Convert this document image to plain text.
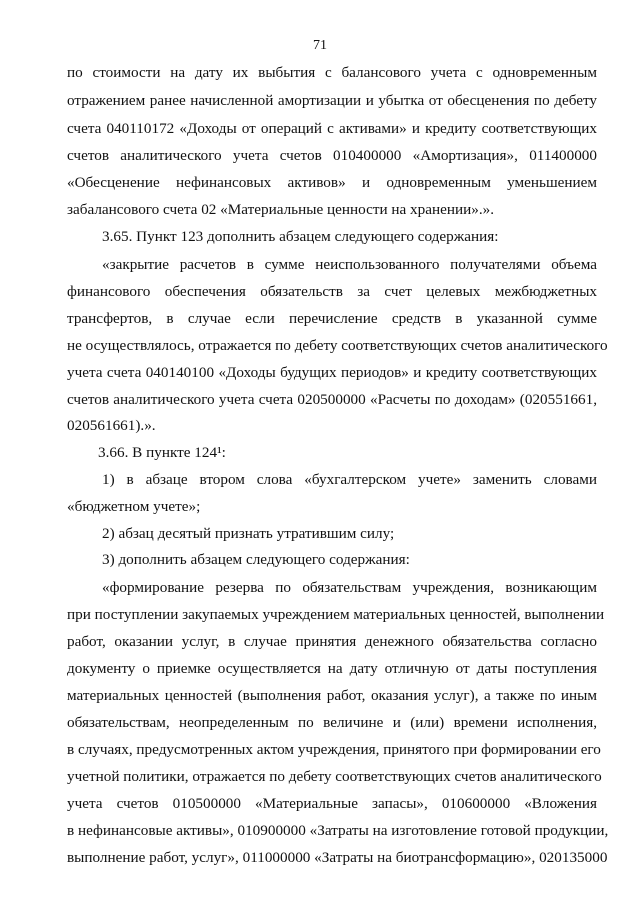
71
по стоимости на дату их выбытия с балансового учета с одновременным
отражением ранее начисленной амортизации и убытка от обесценения по дебету
счета 040110172 «Доходы от операций с активами» и кредиту соответствующих
счетов аналитического учета счетов 010400000 «Амортизация», 011400000
«Обесценение нефинансовых активов» и одновременным уменьшением
забалансового счета 02 «Материальные ценности на хранении».».
3.65. Пункт 123 дополнить абзацем следующего содержания:
«закрытие расчетов в сумме неиспользованного получателями объема
финансового обеспечения обязательств за счет целевых межбюджетных
трансфертов, в случае если перечисление средств в указанной сумме
не осуществлялось, отражается по дебету соответствующих счетов аналитического
учета счета 040140100 «Доходы будущих периодов» и кредиту соответствующих
счетов аналитического учета счета 020500000 «Расчеты по доходам» (020551661,
020561661).».
3.66. В пункте 124¹:
1) в абзаце втором слова «бухгалтерском учете» заменить словами
«бюджетном учете»;
2) абзац десятый признать утратившим силу;
3) дополнить абзацем следующего содержания:
«формирование резерва по обязательствам учреждения, возникающим
при поступлении закупаемых учреждением материальных ценностей, выполнении
работ, оказании услуг, в случае принятия денежного обязательства согласно
документу о приемке осуществляется на дату отличную от даты поступления
материальных ценностей (выполнения работ, оказания услуг), а также по иным
обязательствам, неопределенным по величине и (или) времени исполнения,
в случаях, предусмотренных актом учреждения, принятого при формировании его
учетной политики, отражается по дебету соответствующих счетов аналитического
учета счетов 010500000 «Материальные запасы», 010600000 «Вложения
в нефинансовые активы», 010900000 «Затраты на изготовление готовой продукции,
выполнение работ, услуг», 011000000 «Затраты на биотрансформацию», 020135000
